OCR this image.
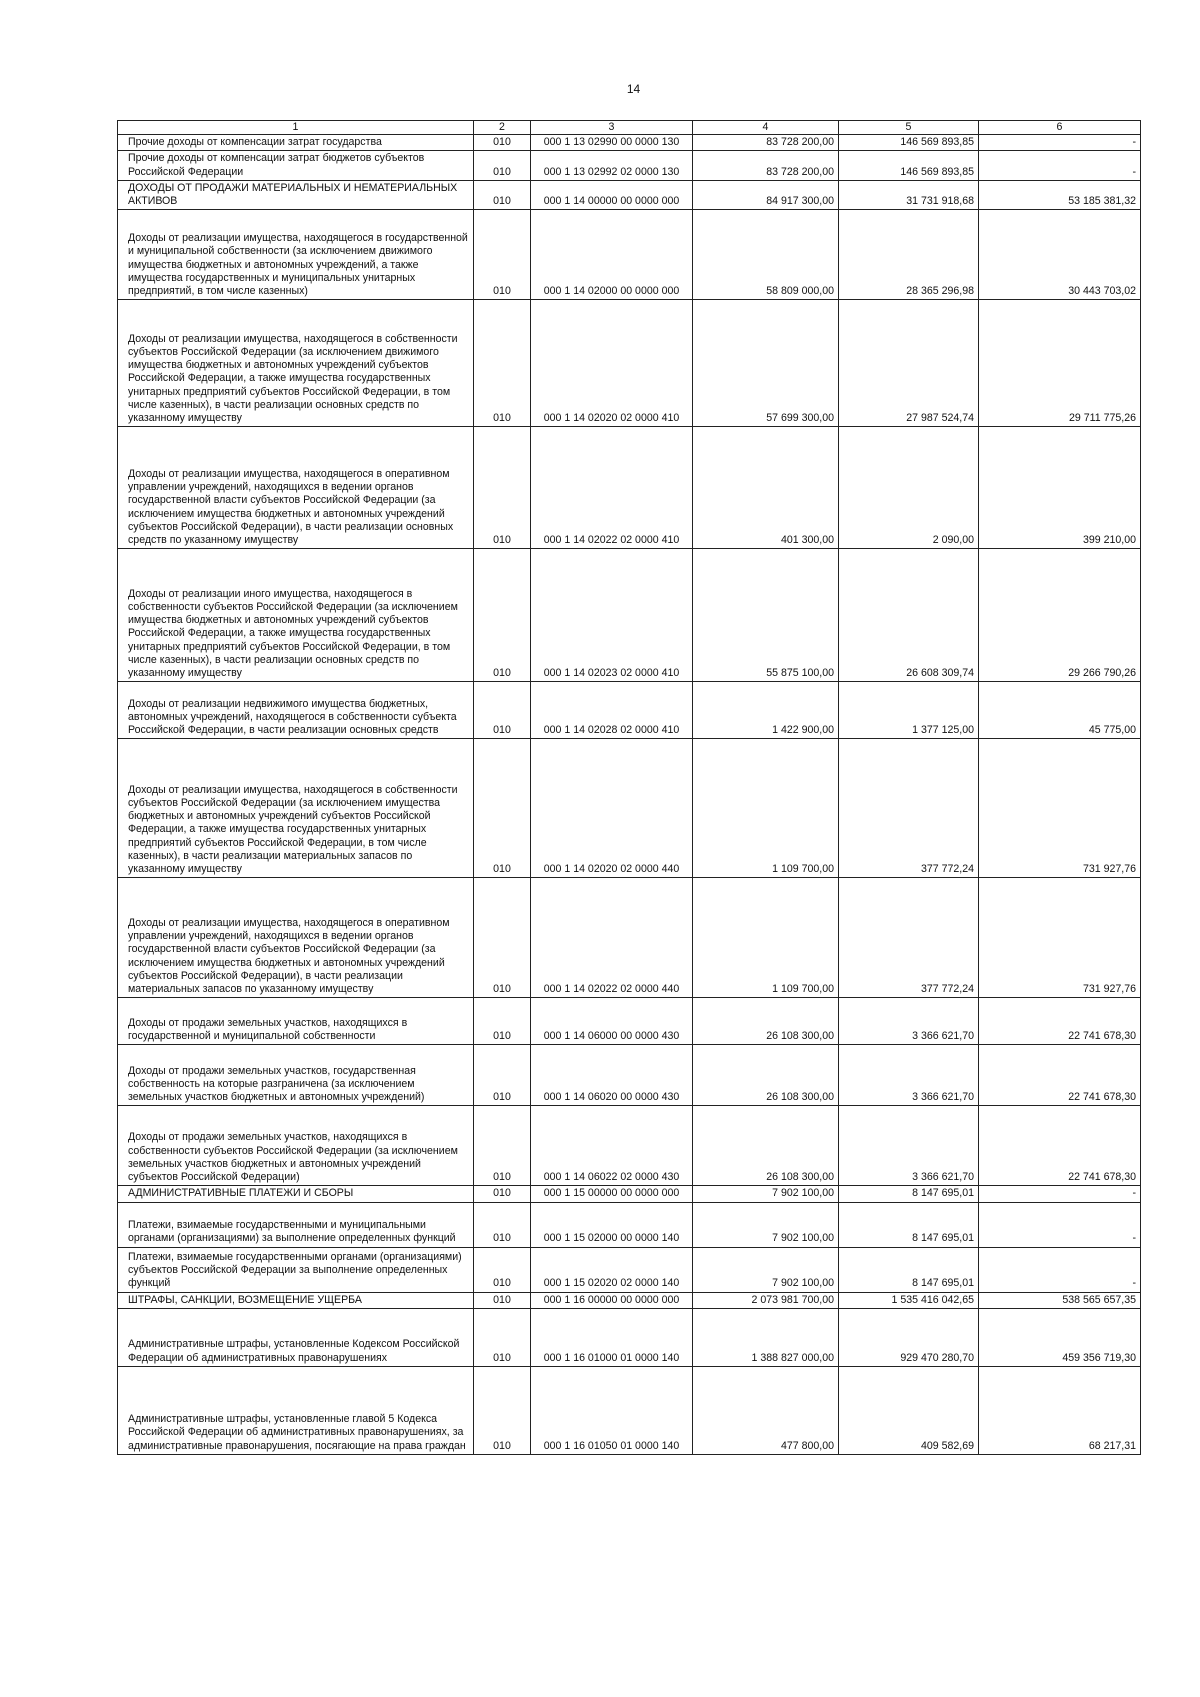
14
1	2	3	4	5	6
Прочие доходы от компенсации затрат государства	010	000 1 13 02990 00 0000 130	83 728 200,00	146 569 893,85	-
Прочие доходы от компенсации затрат бюджетов субъектов Российской Федерации	010	000 1 13 02992 02 0000 130	83 728 200,00	146 569 893,85	-
ДОХОДЫ ОТ ПРОДАЖИ МАТЕРИАЛЬНЫХ И НЕМАТЕРИАЛЬНЫХ АКТИВОВ	010	000 1 14 00000 00 0000 000	84 917 300,00	31 731 918,68	53 185 381,32
Доходы от реализации имущества, находящегося в государственной и муниципальной собственности (за исключением движимого имущества бюджетных и автономных учреждений, а также имущества государственных и муниципальных унитарных предприятий, в том числе казенных)	010	000 1 14 02000 00 0000 000	58 809 000,00	28 365 296,98	30 443 703,02
Доходы от реализации имущества, находящегося в собственности субъектов Российской Федерации (за исключением движимого имущества бюджетных и автономных учреждений субъектов Российской Федерации, а также имущества государственных унитарных предприятий субъектов Российской Федерации, в том числе казенных), в части реализации основных средств по указанному имуществу	010	000 1 14 02020 02 0000 410	57 699 300,00	27 987 524,74	29 711 775,26
Доходы от реализации имущества, находящегося в оперативном управлении учреждений, находящихся в ведении органов государственной власти субъектов Российской Федерации (за исключением имущества бюджетных и автономных учреждений субъектов Российской Федерации), в части реализации основных средств по указанному имуществу	010	000 1 14 02022 02 0000 410	401 300,00	2 090,00	399 210,00
Доходы от реализации иного имущества, находящегося в собственности субъектов Российской Федерации (за исключением имущества бюджетных и автономных учреждений субъектов Российской Федерации, а также имущества государственных унитарных предприятий субъектов Российской Федерации, в том числе казенных), в части реализации основных средств по указанному имуществу	010	000 1 14 02023 02 0000 410	55 875 100,00	26 608 309,74	29 266 790,26
Доходы от реализации недвижимого имущества бюджетных, автономных учреждений, находящегося в собственности субъекта Российской Федерации, в части реализации основных средств	010	000 1 14 02028 02 0000 410	1 422 900,00	1 377 125,00	45 775,00
Доходы от реализации имущества, находящегося в собственности субъектов Российской Федерации (за исключением имущества бюджетных и автономных учреждений субъектов Российской Федерации, а также имущества государственных унитарных предприятий субъектов Российской Федерации, в том числе казенных), в части реализации материальных запасов по указанному имуществу	010	000 1 14 02020 02 0000 440	1 109 700,00	377 772,24	731 927,76
Доходы от реализации имущества, находящегося в оперативном управлении учреждений, находящихся в ведении органов государственной власти субъектов Российской Федерации (за исключением имущества бюджетных и автономных учреждений субъектов Российской Федерации), в части реализации материальных запасов по указанному имуществу	010	000 1 14 02022 02 0000 440	1 109 700,00	377 772,24	731 927,76
Доходы от продажи земельных участков, находящихся в государственной и муниципальной собственности	010	000 1 14 06000 00 0000 430	26 108 300,00	3 366 621,70	22 741 678,30
Доходы от продажи земельных участков, государственная собственность на которые разграничена (за исключением земельных участков бюджетных и автономных учреждений)	010	000 1 14 06020 00 0000 430	26 108 300,00	3 366 621,70	22 741 678,30
Доходы от продажи земельных участков, находящихся в собственности субъектов Российской Федерации (за исключением земельных участков бюджетных и автономных учреждений субъектов Российской Федерации)	010	000 1 14 06022 02 0000 430	26 108 300,00	3 366 621,70	22 741 678,30
АДМИНИСТРАТИВНЫЕ ПЛАТЕЖИ И СБОРЫ	010	000 1 15 00000 00 0000 000	7 902 100,00	8 147 695,01	-
Платежи, взимаемые государственными и муниципальными органами (организациями) за выполнение определенных функций	010	000 1 15 02000 00 0000 140	7 902 100,00	8 147 695,01	-
Платежи, взимаемые государственными органами (организациями) субъектов Российской Федерации за выполнение определенных функций	010	000 1 15 02020 02 0000 140	7 902 100,00	8 147 695,01	-
ШТРАФЫ, САНКЦИИ, ВОЗМЕЩЕНИЕ УЩЕРБА	010	000 1 16 00000 00 0000 000	2 073 981 700,00	1 535 416 042,65	538 565 657,35
Административные штрафы, установленные Кодексом Российской Федерации об административных правонарушениях	010	000 1 16 01000 01 0000 140	1 388 827 000,00	929 470 280,70	459 356 719,30
Административные штрафы, установленные главой 5 Кодекса Российской Федерации об административных правонарушениях, за административные правонарушения, посягающие на права граждан	010	000 1 16 01050 01 0000 140	477 800,00	409 582,69	68 217,31
